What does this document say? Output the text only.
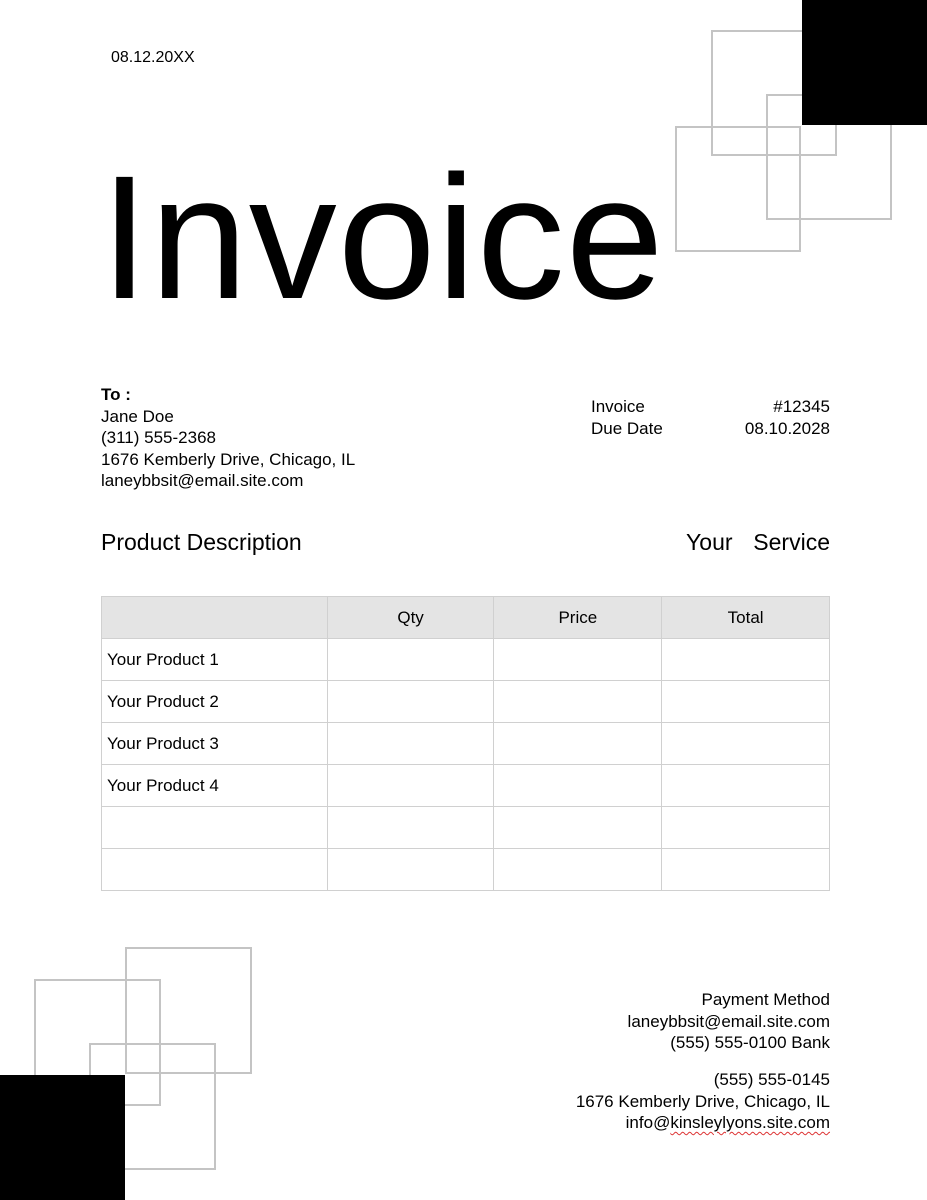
08.12.20XX
Invoice
To :
Jane Doe
(311) 555-2368
1676 Kemberly Drive, Chicago, IL
laneybbsit@email.site.com
Invoice	#12345
Due Date	08.10.2028
Product Description	Your  Service
	Qty	Price	Total
Your Product 1			
Your Product 2			
Your Product 3			
Your Product 4			

Payment Method
laneybbsit@email.site.com
(555) 555-0100 Bank
(555) 555-0145
1676 Kemberly Drive, Chicago, IL
info@kinsleylyons.site.com
